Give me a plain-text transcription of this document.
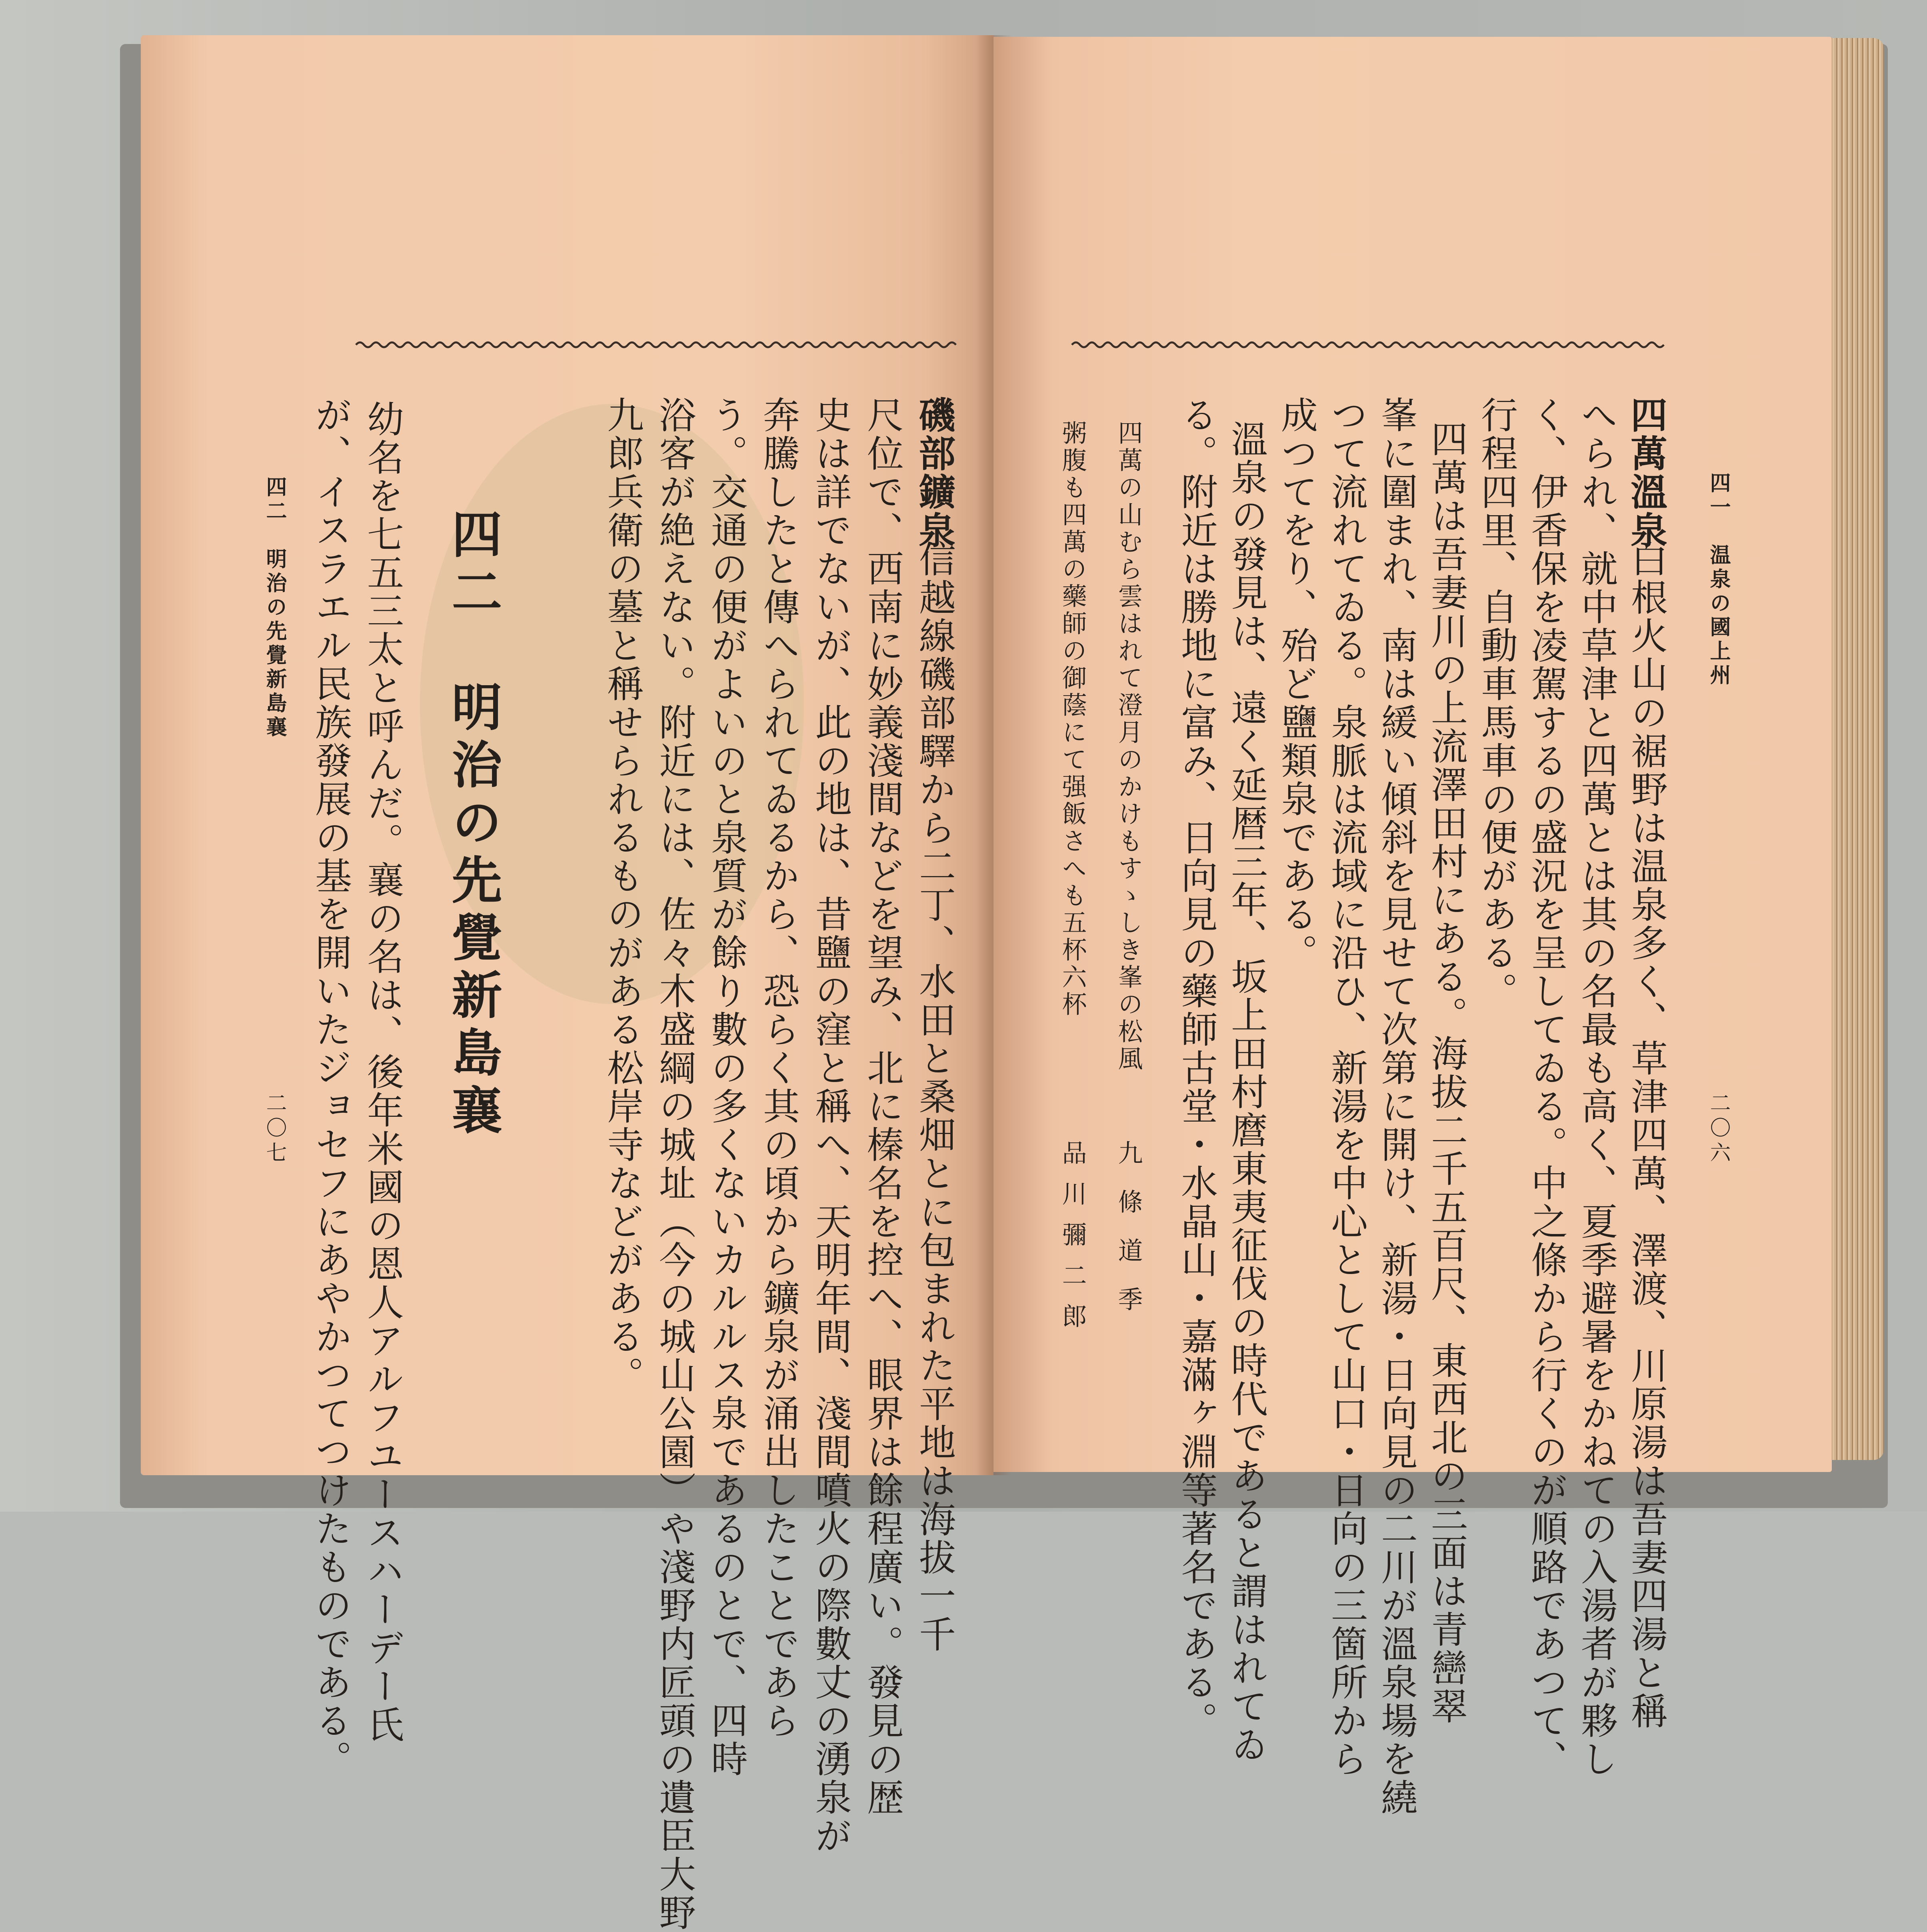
磯部鑛泉
信越線磯部驛から二丁、水田と桑畑とに包まれた平地は海拔一千
尺位で、西南に妙義淺間などを望み、北に榛名を控へ、眼界は餘程廣い。發見の歴
史は詳でないが、此の地は、昔鹽の窪と稱へ、天明年間、淺間噴火の際數丈の湧泉が
奔騰したと傳へられてゐるから、恐らく其の頃から鑛泉が涌出したことであら
う。交通の便がよいのと泉質が餘り數の多くないカルルス泉であるのとで、四時
浴客が絶えない。附近には、佐々木盛綱の城址（今の城山公園）や淺野内匠頭の遺臣大野
九郎兵衛の墓と稱せられるものがある松岸寺などがある。
四二　明治の先覺新島襄
幼名を七五三太と呼んだ。襄の名は、後年米國の恩人アルフユースハーデー氏
が、イスラエル民族發展の基を開いたジョセフにあやかつてつけたものである。
四二　明治の先覺新島襄
二〇七
四一　温泉の國上州
二〇六
四萬溫泉
白根火山の裾野は温泉多く、草津四萬、澤渡、川原湯は吾妻四湯と稱
へられ、就中草津と四萬とは其の名最も高く、夏季避暑をかねての入湯者が夥し
く、伊香保を凌駕するの盛況を呈してゐる。中之條から行くのが順路であつて、
行程四里、自動車馬車の便がある。
四萬は吾妻川の上流澤田村にある。海拔二千五百尺、東西北の三面は青巒翠
峯に圍まれ、南は緩い傾斜を見せて次第に開け、新湯・日向見の二川が溫泉場を繞
つて流れてゐる。泉脈は流域に沿ひ、新湯を中心として山口・日向の三箇所から
成つてをり、殆ど鹽類泉である。
溫泉の發見は、遠く延暦三年、坂上田村麿東夷征伐の時代であると謂はれてゐ
る。附近は勝地に富み、日向見の藥師古堂・水晶山・嘉滿ヶ淵等著名である。
四萬の山むら雲はれて澄月のかけもすゝしき峯の松風
粥腹も四萬の藥師の御蔭にて强飯さへも五杯六杯
九條道季
品川彌二郎
